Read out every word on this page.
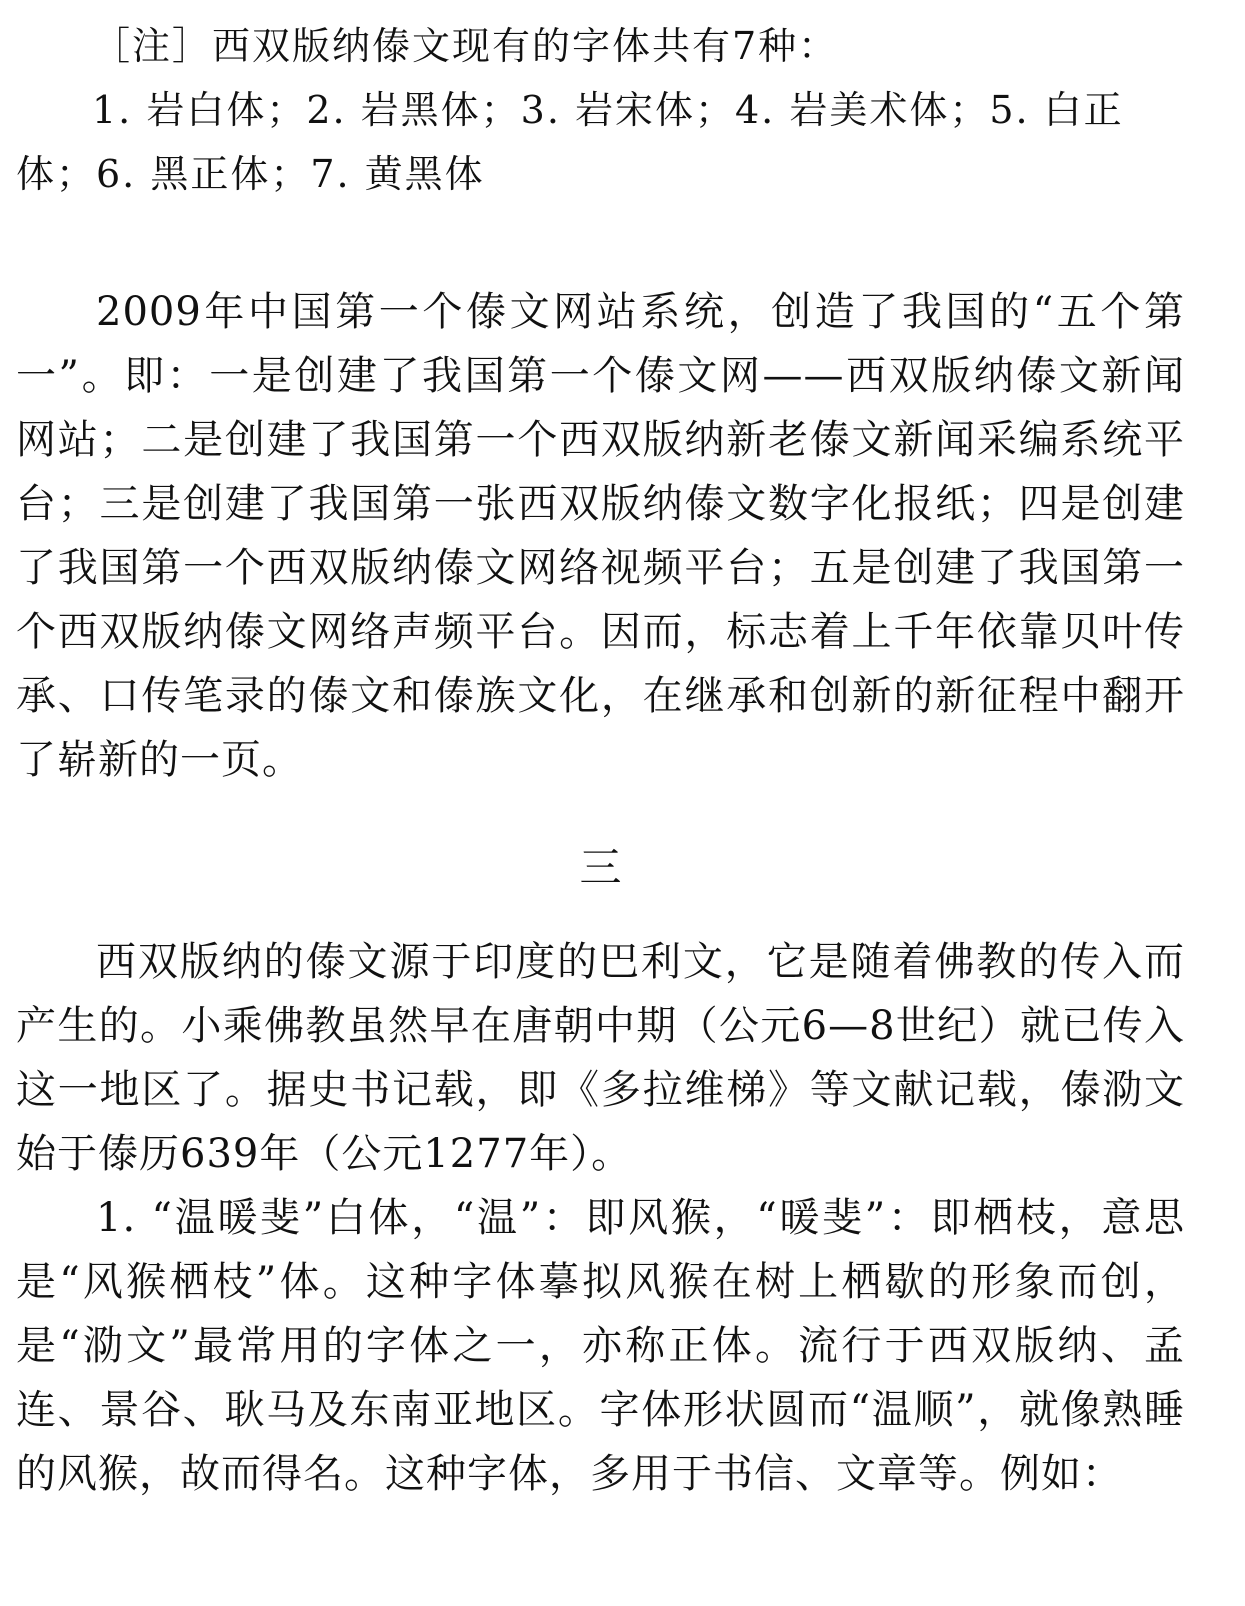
［注］西双版纳傣文现有的字体共有7种：

1. 岩白体；2. 岩黑体；3. 岩宋体；4. 岩美术体；5. 白正体；6. 黑正体；7. 黄黑体

2009年中国第一个傣文网站系统，创造了我国的“五个第一”。即：一是创建了我国第一个傣文网——西双版纳傣文新闻网站；二是创建了我国第一个西双版纳新老傣文新闻采编系统平台；三是创建了我国第一张西双版纳傣文数字化报纸；四是创建了我国第一个西双版纳傣文网络视频平台；五是创建了我国第一个西双版纳傣文网络声频平台。因而，标志着上千年依靠贝叶传承、口传笔录的傣文和傣族文化，在继承和创新的新征程中翻开了崭新的一页。

三

西双版纳的傣文源于印度的巴利文，它是随着佛教的传入而产生的。小乘佛教虽然早在唐朝中期（公元6—8世纪）就已传入这一地区了。据史书记载，即《多拉维梯》等文献记载，傣泐文始于傣历639年（公元1277年）。

1. “温暖斐”白体，“温”：即风猴，“暖斐”：即栖枝，意思是“风猴栖枝”体。这种字体摹拟风猴在树上栖歇的形象而创，是“泐文”最常用的字体之一，亦称正体。流行于西双版纳、孟连、景谷、耿马及东南亚地区。字体形状圆而“温顺”，就像熟睡的风猴，故而得名。这种字体，多用于书信、文章等。例如：
